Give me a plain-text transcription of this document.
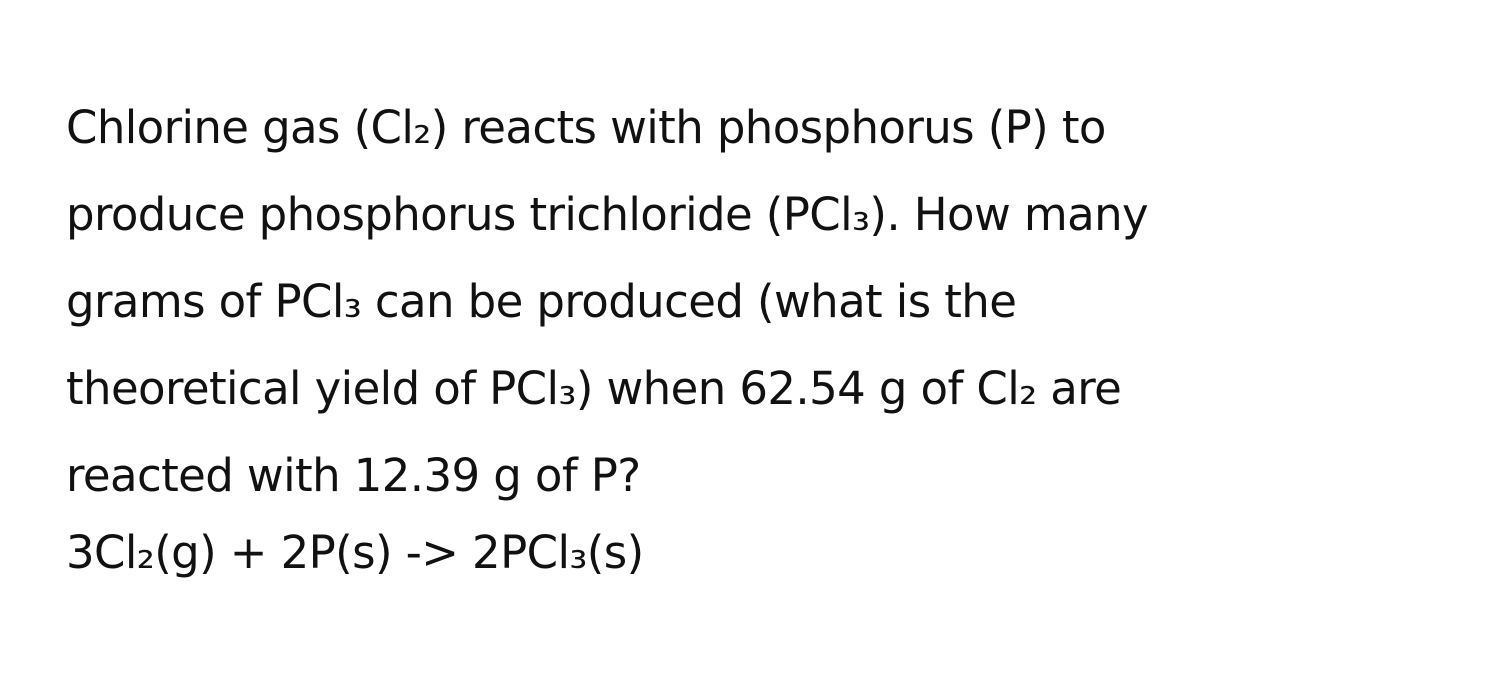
Chlorine gas (Cl₂) reacts with phosphorus (P) to
produce phosphorus trichloride (PCl₃). How many
grams of PCl₃ can be produced (what is the
theoretical yield of PCl₃) when 62.54 g of Cl₂ are
reacted with 12.39 g of P?
3Cl₂(g) + 2P(s) -> 2PCl₃(s)
